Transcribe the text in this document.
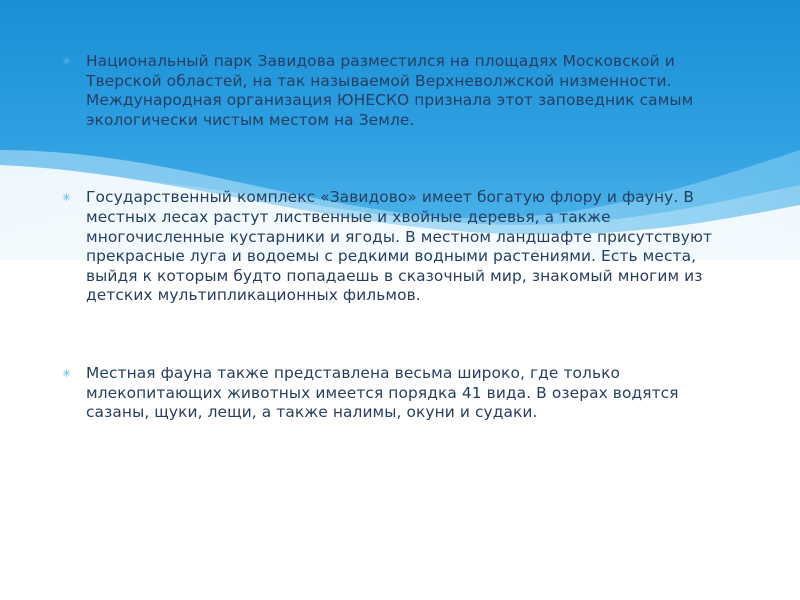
✳ Национальный парк Завидова разместился на площадях Московской и Тверской областей, на так называемой Верхневолжской низменности. Международная организация ЮНЕСКО признала этот заповедник самым экологически чистым местом на Земле.
✳ Государственный комплекс «Завидово» имеет богатую флору и фауну. В местных лесах растут лиственные и хвойные деревья, а также многочисленные кустарники и ягоды. В местном ландшафте присутствуют прекрасные луга и водоемы с редкими водными растениями. Есть места, выйдя к которым будто попадаешь в сказочный мир, знакомый многим из детских мультипликационных фильмов.
✳ Местная фауна также представлена весьма широко, где только млекопитающих животных имеется порядка 41 вида. В озерах водятся сазаны, щуки, лещи, а также налимы, окуни и судаки.
